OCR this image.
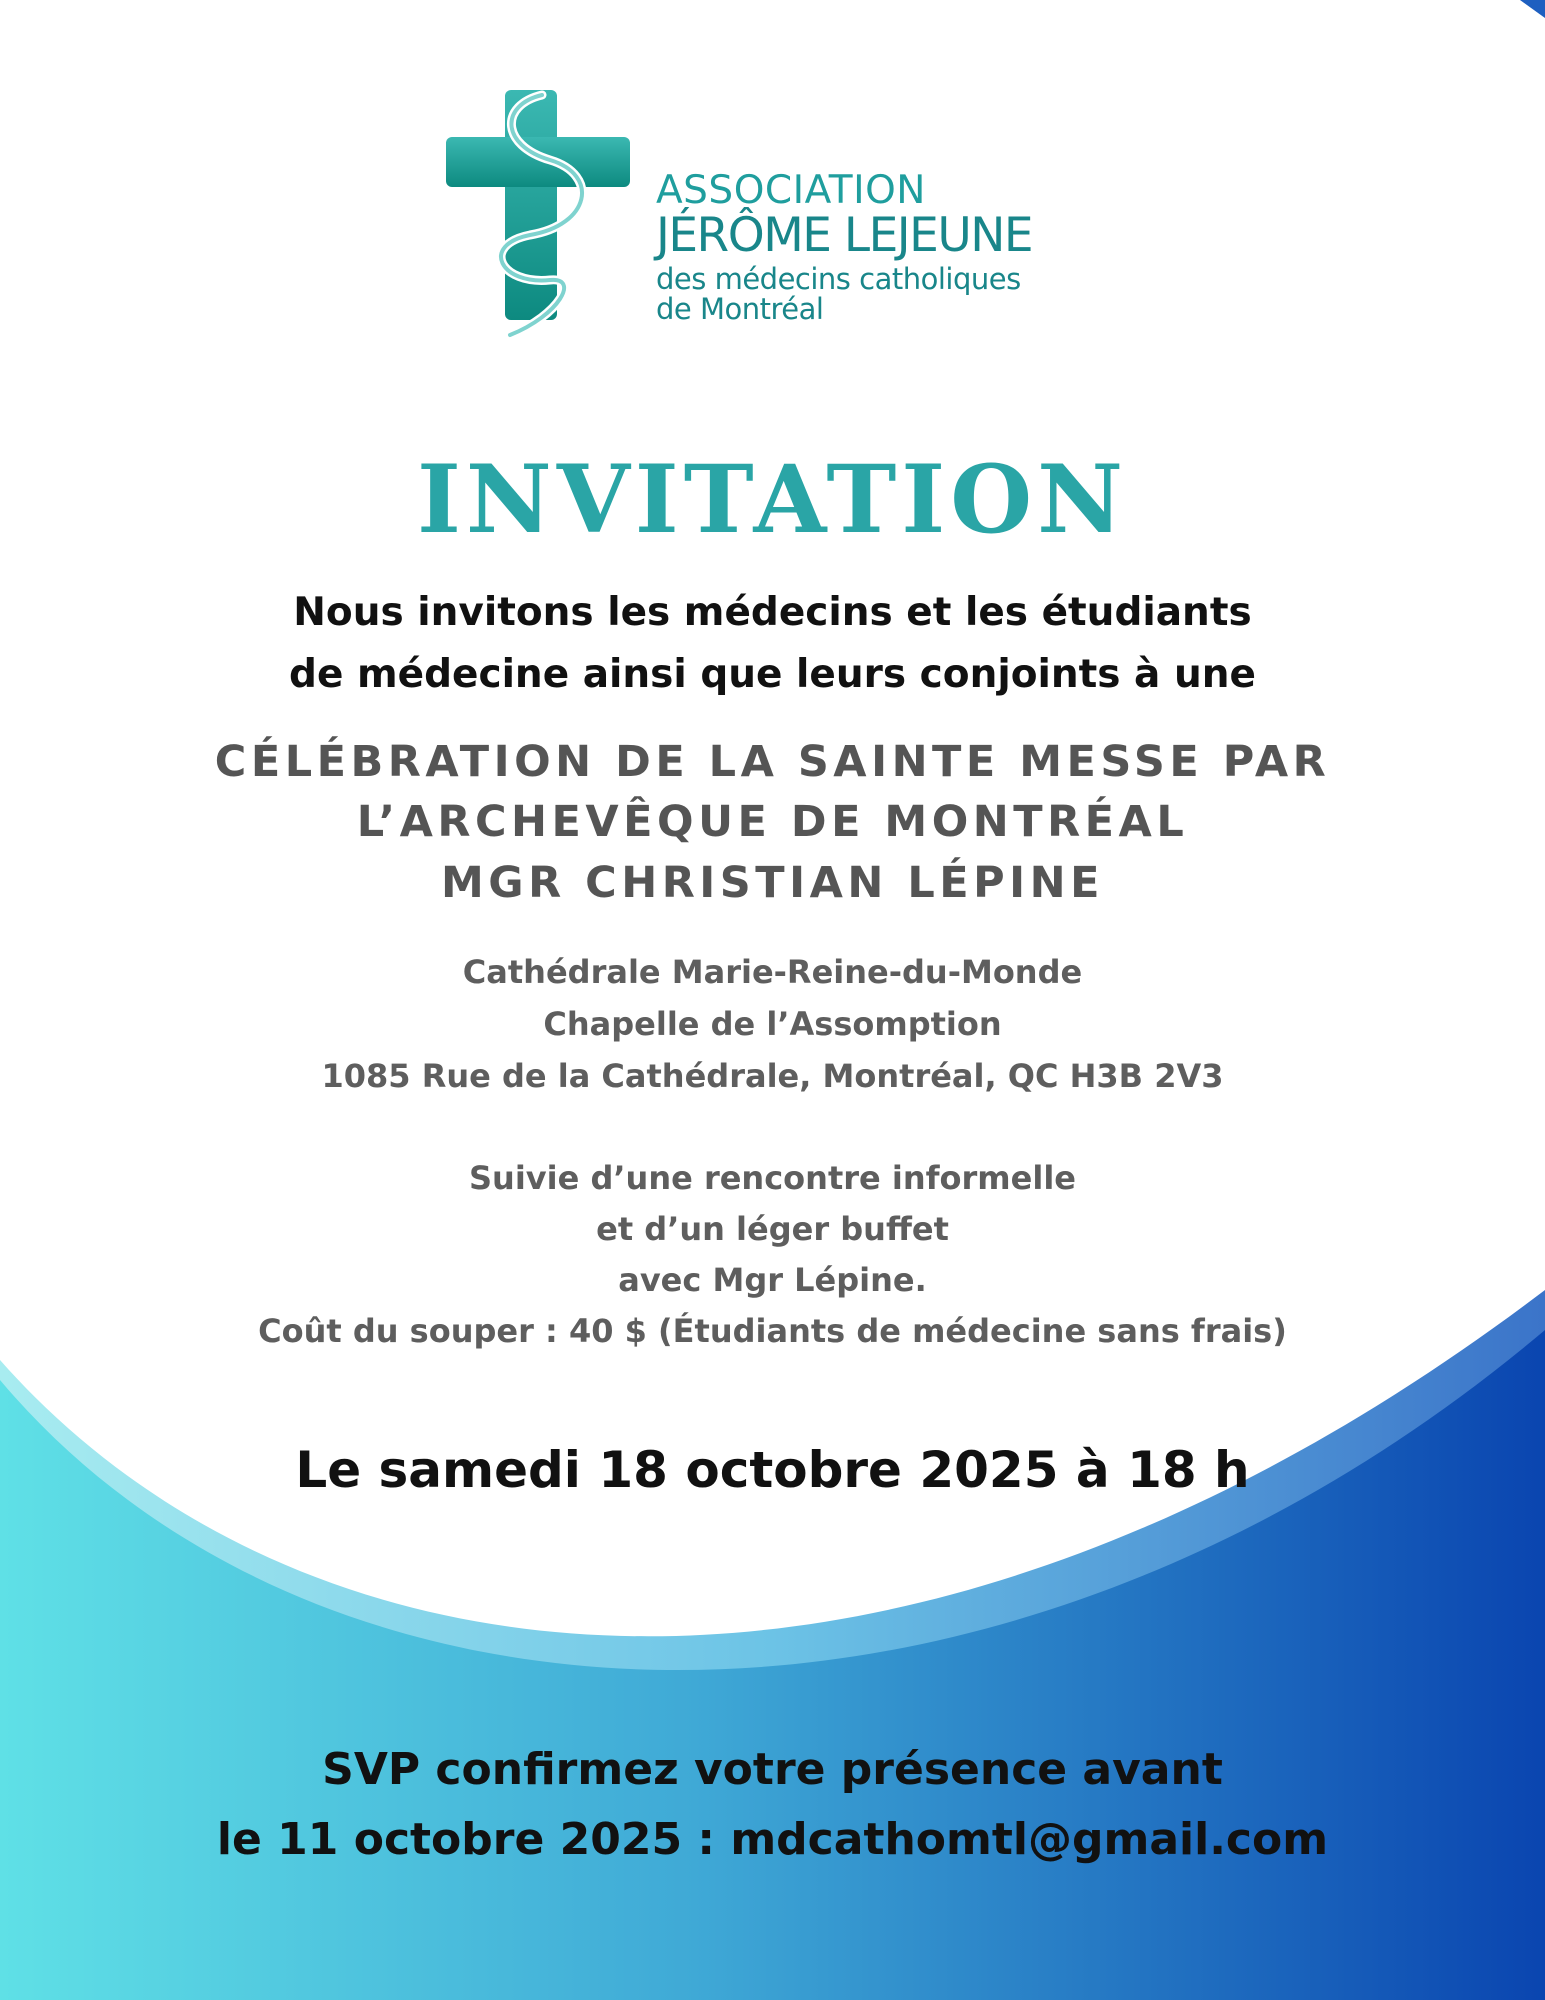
ASSOCIATION
JÉRÔME LEJEUNE
des médecins catholiques
de Montréal
INVITATION
Nous invitons les médecins et les étudiants
de médecine ainsi que leurs conjoints à une
CÉLÉBRATION DE LA SAINTE MESSE PAR
L’ARCHEVÊQUE DE MONTRÉAL
MGR CHRISTIAN LÉPINE
Cathédrale Marie-Reine-du-Monde
Chapelle de l’Assomption
1085 Rue de la Cathédrale, Montréal, QC H3B 2V3
Suivie d’une rencontre informelle
et d’un léger buffet
avec Mgr Lépine.
Coût du souper : 40 $ (Étudiants de médecine sans frais)
Le samedi 18 octobre 2025 à 18 h
SVP confirmez votre présence avant
le 11 octobre 2025 : mdcathomtl@gmail.com
